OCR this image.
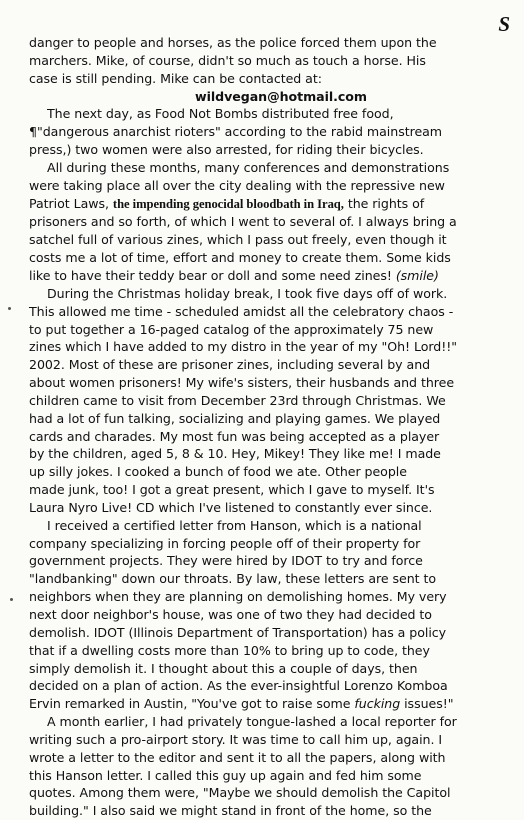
S
danger to people and horses, as the police forced them upon the
marchers. Mike, of course, didn't so much as touch a horse. His
case is still pending. Mike can be contacted at:
wildvegan@hotmail.com
The next day, as Food Not Bombs distributed free food,
¶"dangerous anarchist rioters" according to the rabid mainstream
press,) two women were also arrested, for riding their bicycles.
All during these months, many conferences and demonstrations
were taking place all over the city dealing with the repressive new
Patriot Laws, the impending genocidal bloodbath in Iraq, the rights of
prisoners and so forth, of which I went to several of. I always bring a
satchel full of various zines, which I pass out freely, even though it
costs me a lot of time, effort and money to create them. Some kids
like to have their teddy bear or doll and some need zines! (smile)
During the Christmas holiday break, I took five days off of work.
This allowed me time - scheduled amidst all the celebratory chaos -
to put together a 16-paged catalog of the approximately 75 new
zines which I have added to my distro in the year of my "Oh! Lord!!"
2002. Most of these are prisoner zines, including several by and
about women prisoners! My wife's sisters, their husbands and three
children came to visit from December 23rd through Christmas. We
had a lot of fun talking, socializing and playing games. We played
cards and charades. My most fun was being accepted as a player
by the children, aged 5, 8 & 10. Hey, Mikey! They like me! I made
up silly jokes. I cooked a bunch of food we ate. Other people
made junk, too! I got a great present, which I gave to myself. It's
Laura Nyro Live! CD which I've listened to constantly ever since.
I received a certified letter from Hanson, which is a national
company specializing in forcing people off of their property for
government projects. They were hired by IDOT to try and force
"landbanking" down our throats. By law, these letters are sent to
neighbors when they are planning on demolishing homes. My very
next door neighbor's house, was one of two they had decided to
demolish. IDOT (Illinois Department of Transportation) has a policy
that if a dwelling costs more than 10% to bring up to code, they
simply demolish it. I thought about this a couple of days, then
decided on a plan of action. As the ever-insightful Lorenzo Komboa
Ervin remarked in Austin, "You've got to raise some fucking issues!"
A month earlier, I had privately tongue-lashed a local reporter for
writing such a pro-airport story. It was time to call him up, again. I
wrote a letter to the editor and sent it to all the papers, along with
this Hanson letter. I called this guy up again and fed him some
quotes. Among them were, "Maybe we should demolish the Capitol
building." I also said we might stand in front of the home, so the
